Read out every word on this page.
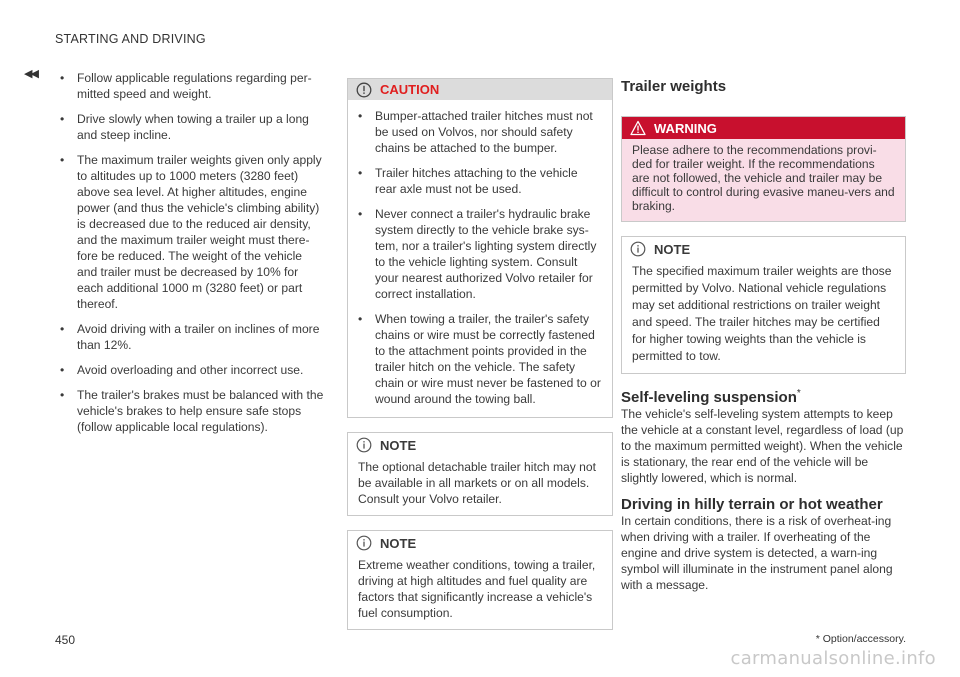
STARTING AND DRIVING
◀◀ • Follow applicable regulations regarding per-mitted speed and weight.
• Drive slowly when towing a trailer up a long and steep incline.
• The maximum trailer weights given only apply to altitudes up to 1000 meters (3280 feet) above sea level. At higher altitudes, engine power (and thus the vehicle's climbing ability) is decreased due to the reduced air density, and the maximum trailer weight must there-fore be reduced. The weight of the vehicle and trailer must be decreased by 10% for each additional 1000 m (3280 feet) or part thereof.
• Avoid driving with a trailer on inclines of more than 12%.
• Avoid overloading and other incorrect use.
• The trailer's brakes must be balanced with the vehicle's brakes to help ensure safe stops (follow applicable local regulations).
CAUTION
• Bumper-attached trailer hitches must not be used on Volvos, nor should safety chains be attached to the bumper.
• Trailer hitches attaching to the vehicle rear axle must not be used.
• Never connect a trailer's hydraulic brake system directly to the vehicle brake sys-tem, nor a trailer's lighting system directly to the vehicle lighting system. Consult your nearest authorized Volvo retailer for correct installation.
• When towing a trailer, the trailer's safety chains or wire must be correctly fastened to the attachment points provided in the trailer hitch on the vehicle. The safety chain or wire must never be fastened to or wound around the towing ball.
NOTE
The optional detachable trailer hitch may not be available in all markets or on all models. Consult your Volvo retailer.
NOTE
Extreme weather conditions, towing a trailer, driving at high altitudes and fuel quality are factors that significantly increase a vehicle's fuel consumption.
Trailer weights
WARNING
Please adhere to the recommendations provi-ded for trailer weight. If the recommendations are not followed, the vehicle and trailer may be difficult to control during evasive maneu-vers and braking.
NOTE
The specified maximum trailer weights are those permitted by Volvo. National vehicle regulations may set additional restrictions on trailer weight and speed. The trailer hitches may be certified for higher towing weights than the vehicle is permitted to tow.
Self-leveling suspension*

The vehicle's self-leveling system attempts to keep the vehicle at a constant level, regardless of load (up to the maximum permitted weight). When the vehicle is stationary, the rear end of the vehicle will be slightly lowered, which is normal.

Driving in hilly terrain or hot weather

In certain conditions, there is a risk of overheat-ing when driving with a trailer. If overheating of the engine and drive system is detected, a warn-ing symbol will illuminate in the instrument panel along with a message.

450	* Option/accessory.
carmanualsonline.info
